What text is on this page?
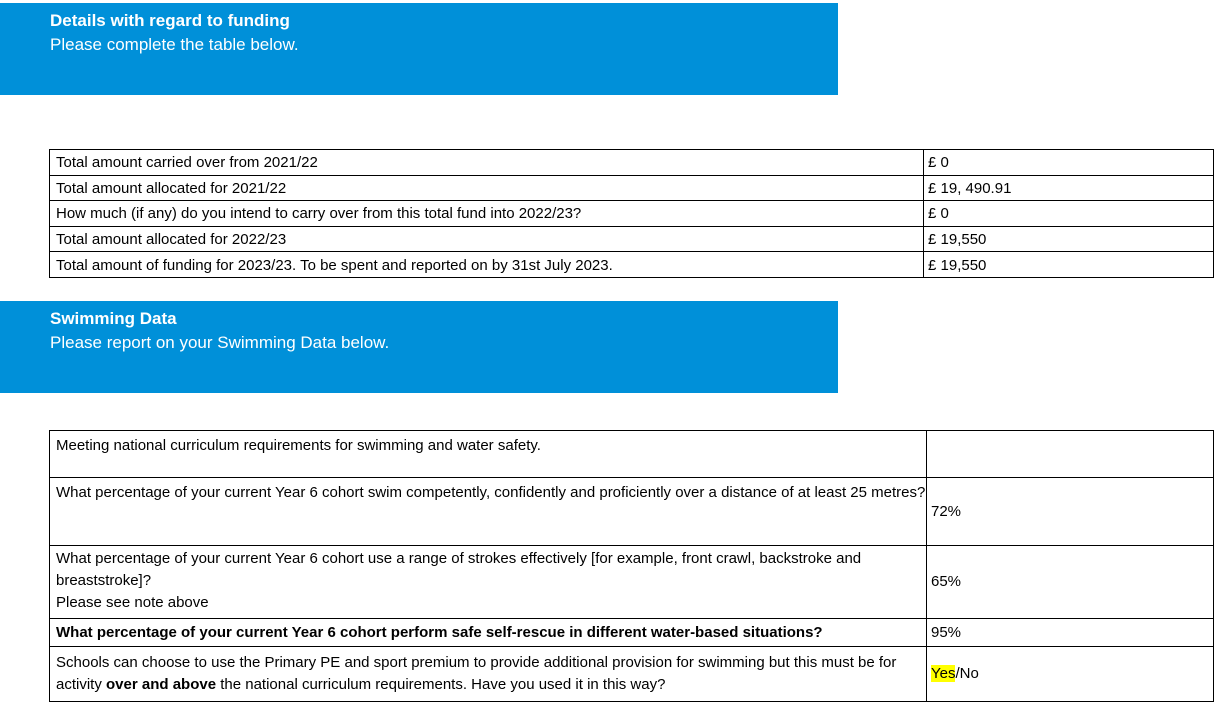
Details with regard to funding
Please complete the table below.
Total amount carried over from 2021/22	£ 0
Total amount allocated for 2021/22	£ 19, 490.91
How much (if any) do you intend to carry over from this total fund into 2022/23?	£ 0
Total amount allocated for 2022/23	£ 19,550
Total amount of funding for 2023/23. To be spent and reported on by 31st July 2023.	£ 19,550
Swimming Data
Please report on your Swimming Data below.
Meeting national curriculum requirements for swimming and water safety.	
What percentage of your current Year 6 cohort swim competently, confidently and proficiently over a distance of at least 25 metres?	72%
What percentage of your current Year 6 cohort use a range of strokes effectively [for example, front crawl, backstroke and breaststroke]?
Please see note above	65%
What percentage of your current Year 6 cohort perform safe self-rescue in different water-based situations?	95%
Schools can choose to use the Primary PE and sport premium to provide additional provision for swimming but this must be for activity over and above the national curriculum requirements. Have you used it in this way?	Yes/No
